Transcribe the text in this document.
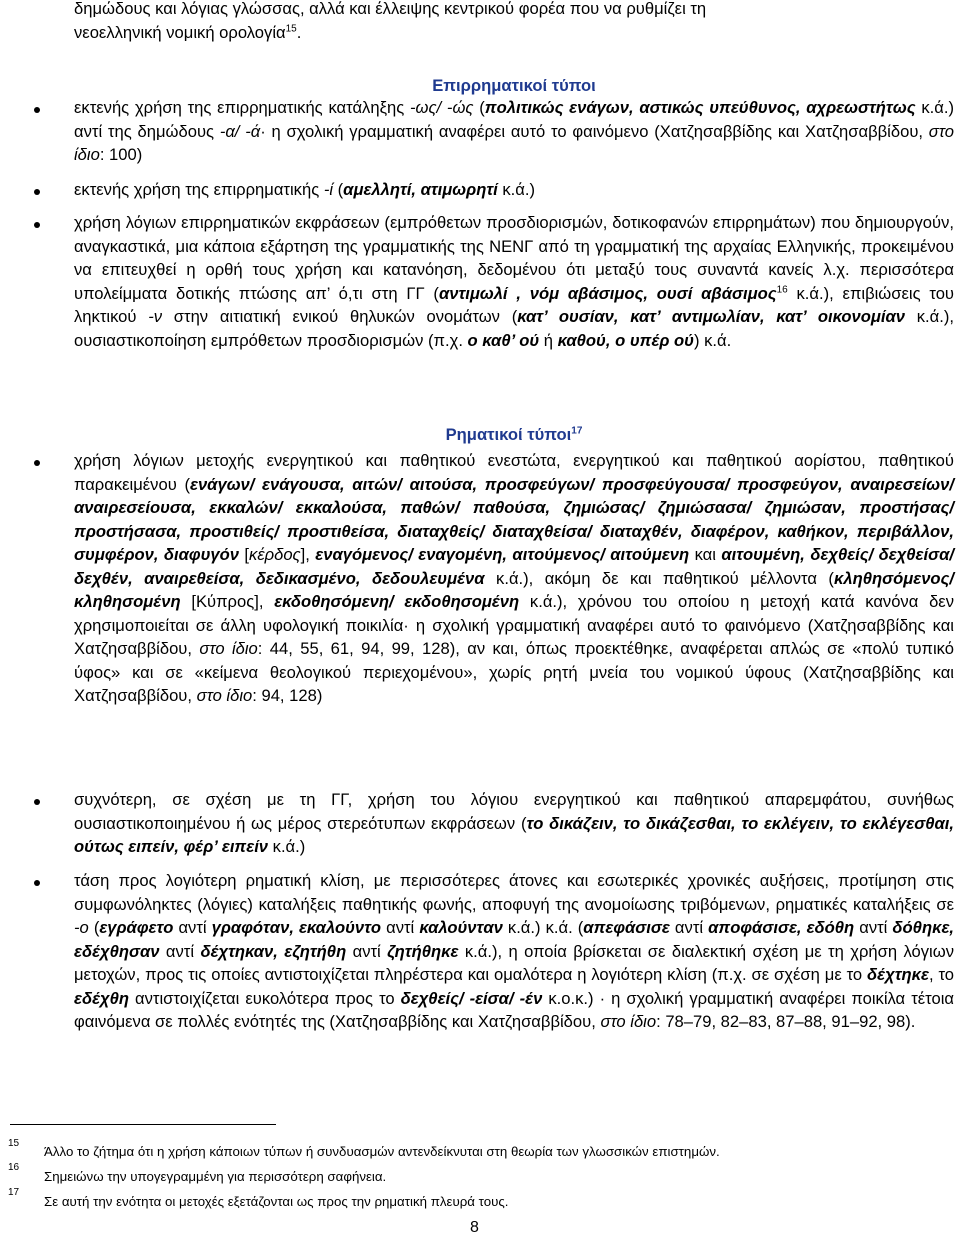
δημώδους και λόγιας γλώσσας, αλλά και έλλειψης κεντρικού φορέα που να ρυθμίζει τη
νεοελληνική νομική ορολογία$^{15}$.
Επιρρηματικοί τύποι
εκτενής χρήση της επιρρηματικής κατάληξης -ως/ -ώς (πολιτικώς ενάγων, αστικώς υπεύθυνος, αχρεωστήτως κ.ά.) αντί της δημώδους -α/ -ά· η σχολική γραμματική αναφέρει αυτό το φαινόμενο (Χατζησαββίδης και Χατζησαββίδου, στο ίδιο: 100)
εκτενής χρήση της επιρρηματικής -ί (αμελλητί, ατιμωρητί κ.ά.)
χρήση λόγιων επιρρηματικών εκφράσεων (εμπρόθετων προσδιορισμών, δοτικοφανών επιρρημάτων) που δημιουργούν, αναγκαστικά, μια κάποια εξάρτηση της γραμματικής της ΝΕΝΓ από τη γραμματική της αρχαίας Ελληνικής, προκειμένου να επιτευχθεί η ορθή τους χρήση και κατανόηση, δεδομένου ότι μεταξύ τους συναντά κανείς λ.χ. περισσότερα υπολείμματα δοτικής πτώσης απ’ ό,τι στη ΓΓ (αντιμωλί , νόμ αβάσιμος, ουσί αβάσιμος$^{16}$ κ.ά.), επιβιώσεις του ληκτικού -ν στην αιτιατική ενικού θηλυκών ονομάτων (κατ’ ουσίαν, κατ’ αντιμωλίαν, κατ’ οικονομίαν κ.ά.), ουσιαστικοποίηση εμπρόθετων προσδιορισμών (π.χ. ο καθ’ ού ή καθού, ο υπέρ ού) κ.ά.
Ρηματικοί τύποι$^{17}$
χρήση λόγιων μετοχής ενεργητικού και παθητικού ενεστώτα, ενεργητικού και παθητικού αορίστου, παθητικού παρακειμένου (ενάγων/ ενάγουσα, αιτών/ αιτούσα, προσφεύγων/ προσφεύγουσα/ προσφεύγον, αναιρεσείων/ αναιρεσείουσα, εκκαλών/ εκκαλούσα, παθών/ παθούσα, ζημιώσας/ ζημιώσασα/ ζημιώσαν, προστήσας/ προστήσασα, προστιθείς/ προστιθείσα, διαταχθείς/ διαταχθείσα/ διαταχθέν, διαφέρον, καθήκον, περιβάλλον, συμφέρον, διαφυγόν [κέρδος], εναγόμενος/ εναγομένη, αιτούμενος/ αιτούμενη και αιτουμένη, δεχθείς/ δεχθείσα/ δεχθέν, αναιρεθείσα, δεδικασμένο, δεδουλευμένα κ.ά.), ακόμη δε και παθητικού μέλλοντα (κληθησόμενος/ κληθησομένη [Κύπρος], εκδοθησόμενη/ εκδοθησομένη κ.ά.), χρόνου του οποίου η μετοχή κατά κανόνα δεν χρησιμοποιείται σε άλλη υφολογική ποικιλία· η σχολική γραμματική αναφέρει αυτό το φαινόμενο (Χατζησαββίδης και Χατζησαββίδου, στο ίδιο: 44, 55, 61, 94, 99, 128), αν και, όπως προεκτέθηκε, αναφέρεται απλώς σε «πολύ τυπικό ύφος» και σε «κείμενα θεολογικού περιεχομένου», χωρίς ρητή μνεία του νομικού ύφους (Χατζησαββίδης και Χατζησαββίδου, στο ίδιο: 94, 128)
συχνότερη, σε σχέση με τη ΓΓ, χρήση του λόγιου ενεργητικού και παθητικού απαρεμφάτου, συνήθως ουσιαστικοποιημένου ή ως μέρος στερεότυπων εκφράσεων (το δικάζειν, το δικάζεσθαι, το εκλέγειν, το εκλέγεσθαι, ούτως ειπείν, φέρ’ ειπείν κ.ά.)
τάση προς λογιότερη ρηματική κλίση, με περισσότερες άτονες και εσωτερικές χρονικές αυξήσεις, προτίμηση στις συμφωνόληκτες (λόγιες) καταλήξεις παθητικής φωνής, αποφυγή της ανομοίωσης τριβόμενων, ρηματικές καταλήξεις σε -ο (εγράφετο αντί γραφόταν, εκαλούντο αντί καλούνταν κ.ά.) κ.ά. (απεφάσισε αντί αποφάσισε, εδόθη αντί δόθηκε, εδέχθησαν αντί δέχτηκαν, εζητήθη αντί ζητήθηκε κ.ά.), η οποία βρίσκεται σε διαλεκτική σχέση με τη χρήση λόγιων μετοχών, προς τις οποίες αντιστοιχίζεται πληρέστερα και ομαλότερα η λογιότερη κλίση (π.χ. σε σχέση με το δέχτηκε, το εδέχθη αντιστοιχίζεται ευκολότερα προς το δεχθείς/ -είσα/ -έν κ.ο.κ.) · η σχολική γραμματική αναφέρει ποικίλα τέτοια φαινόμενα σε πολλές ενότητές της (Χατζησαββίδης και Χατζησαββίδου, στο ίδιο: 78–79, 82–83, 87–88, 91–92, 98).
15
Άλλο το ζήτημα ότι η χρήση κάποιων τύπων ή συνδυασμών αντενδείκνυται στη θεωρία των γλωσσικών επιστημών.
16
Σημειώνω την υπογεγραμμένη για περισσότερη σαφήνεια.
17
Σε αυτή την ενότητα οι μετοχές εξετάζονται ως προς την ρηματική πλευρά τους.
8
